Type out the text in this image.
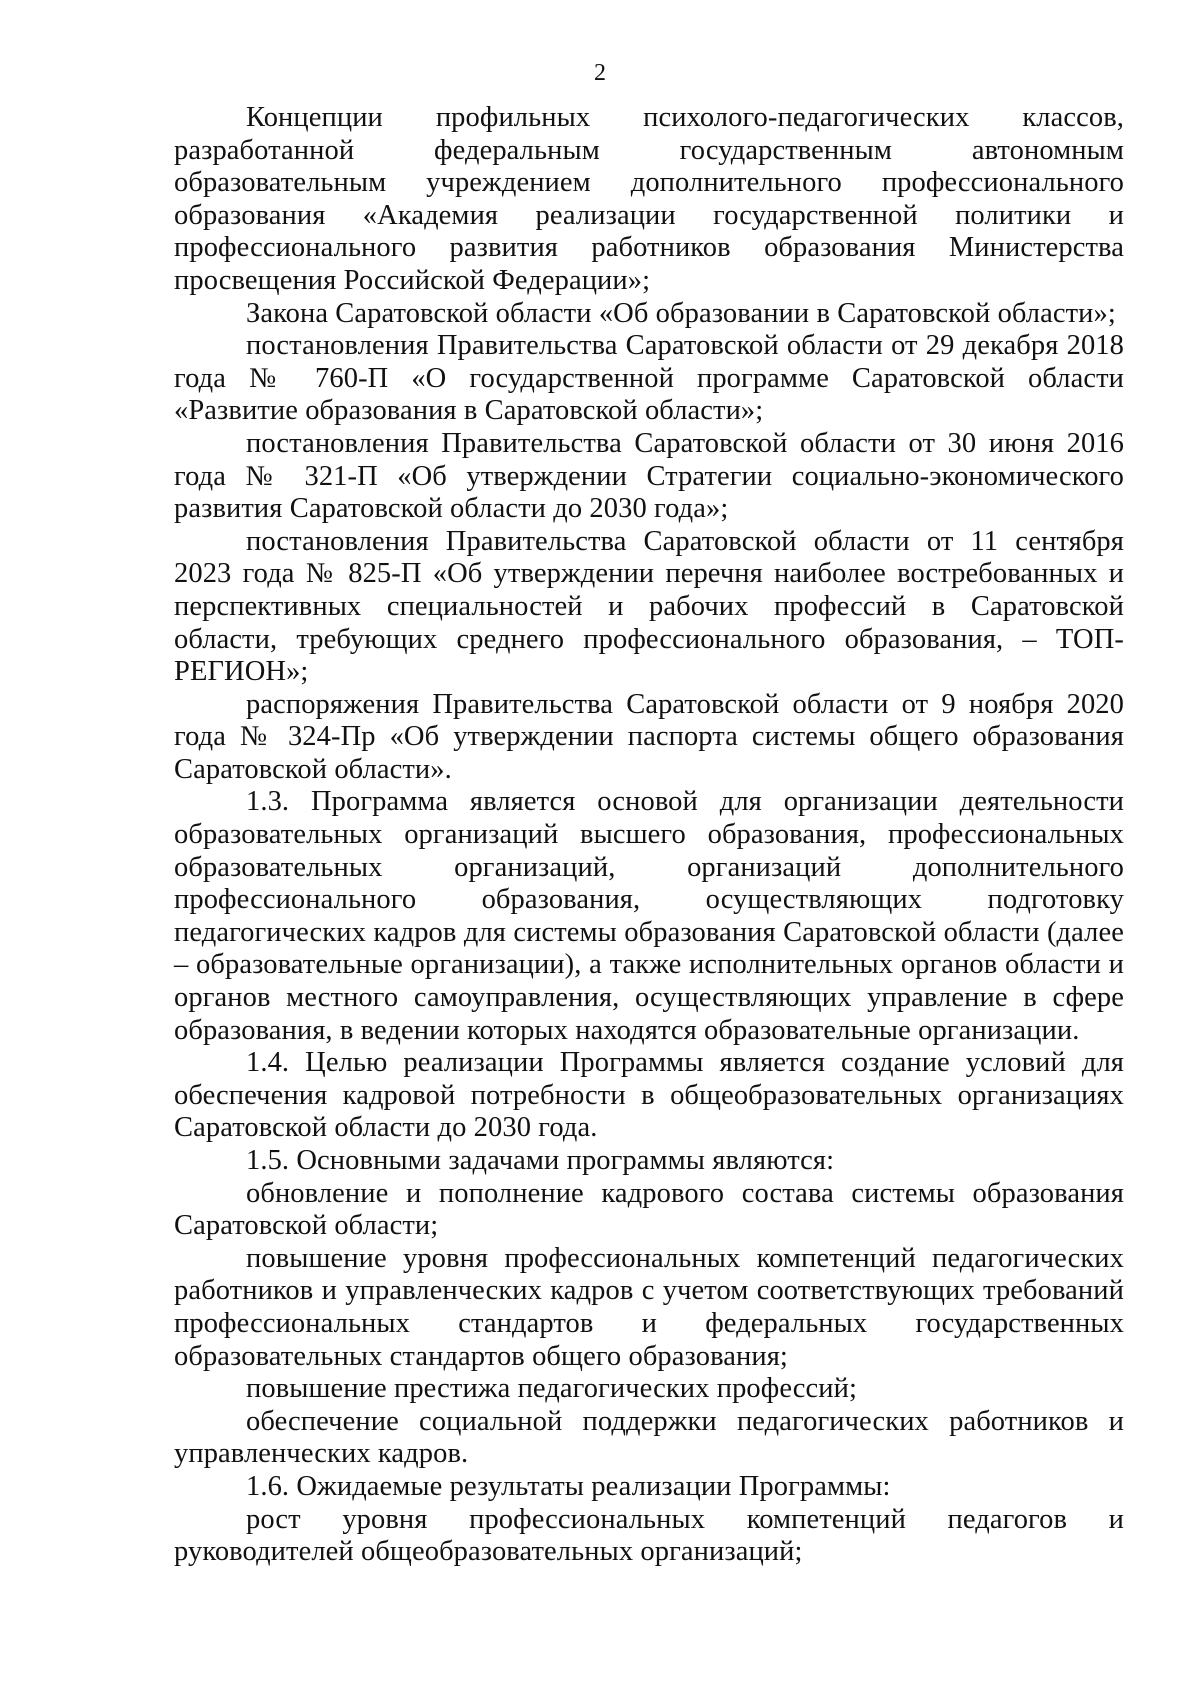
2

Концепции профильных психолого-педагогических классов, разработанной федеральным государственным автономным образовательным учреждением дополнительного профессионального образования «Академия реализации государственной политики и профессионального развития работников образования Министерства просвещения Российской Федерации»;

Закона Саратовской области «Об образовании в Саратовской области»;

постановления Правительства Саратовской области от 29 декабря 2018 года № 760-П «О государственной программе Саратовской области «Развитие образования в Саратовской области»;

постановления Правительства Саратовской области от 30 июня 2016 года № 321-П «Об утверждении Стратегии социально-экономического развития Саратовской области до 2030 года»;

постановления Правительства Саратовской области от 11 сентября 2023 года № 825-П «Об утверждении перечня наиболее востребованных и перспективных специальностей и рабочих профессий в Саратовской области, требующих среднего профессионального образования, – ТОП-РЕГИОН»;

распоряжения Правительства Саратовской области от 9 ноября 2020 года № 324-Пр «Об утверждении паспорта системы общего образования Саратовской области».

1.3. Программа является основой для организации деятельности образовательных организаций высшего образования, профессиональных образовательных организаций, организаций дополнительного профессионального образования, осуществляющих подготовку педагогических кадров для системы образования Саратовской области (далее – образовательные организации), а также исполнительных органов области и органов местного самоуправления, осуществляющих управление в сфере образования, в ведении которых находятся образовательные организации.

1.4. Целью реализации Программы является создание условий для обеспечения кадровой потребности в общеобразовательных организациях Саратовской области до 2030 года.

1.5. Основными задачами программы являются:

обновление и пополнение кадрового состава системы образования Саратовской области;

повышение уровня профессиональных компетенций педагогических работников и управленческих кадров с учетом соответствующих требований профессиональных стандартов и федеральных государственных образовательных стандартов общего образования;

повышение престижа педагогических профессий;

обеспечение социальной поддержки педагогических работников и управленческих кадров.

1.6. Ожидаемые результаты реализации Программы:

рост уровня профессиональных компетенций педагогов и руководителей общеобразовательных организаций;
